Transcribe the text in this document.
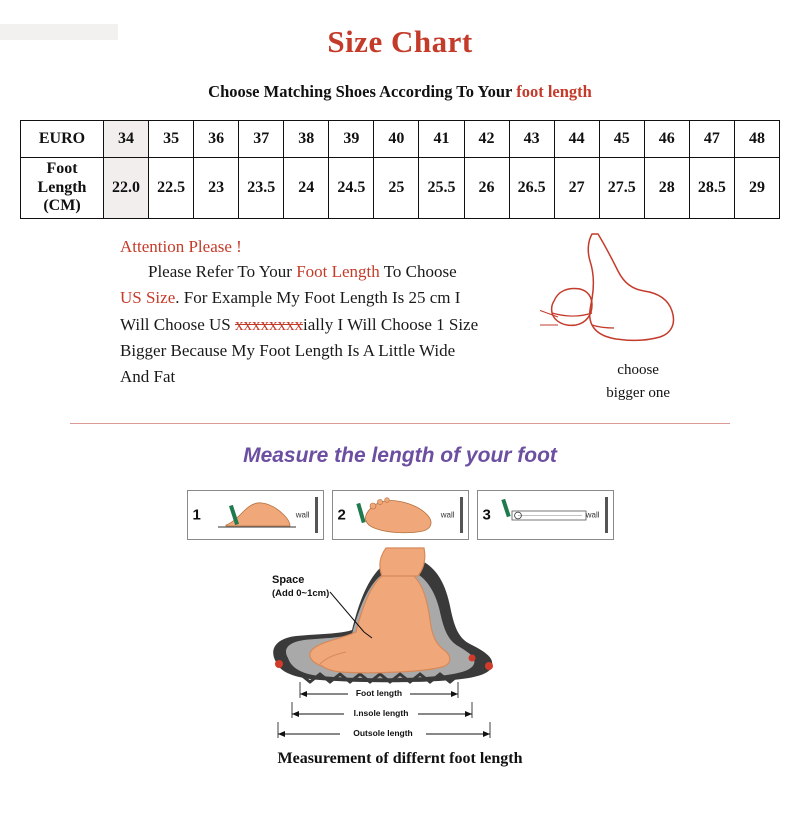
Size Chart
Choose Matching Shoes According To Your foot length
EURO	34	35	36	37	38	39	40	41	42	43	44	45	46	47	48

Foot
Length
(CM)	22.0	22.5	23	23.5	24	24.5	25	25.5	26	26.5	27	27.5	28	28.5	29
Attention Please !
Please Refer To Your Foot Length To Choose
US Size. For Example My Foot Length Is 25 cm I
Will Choose US xxxxxxxxially I Will Choose 1 Size
Bigger Because My Foot Length Is A Little Wide
And Fat	choose
bigger one
Measure the length of your foot
1	wall 2	wall 3	wall
Space
(Add 0~1cm)
Foot length
I.nsole length
Outsole length
Measurement of differnt foot length
